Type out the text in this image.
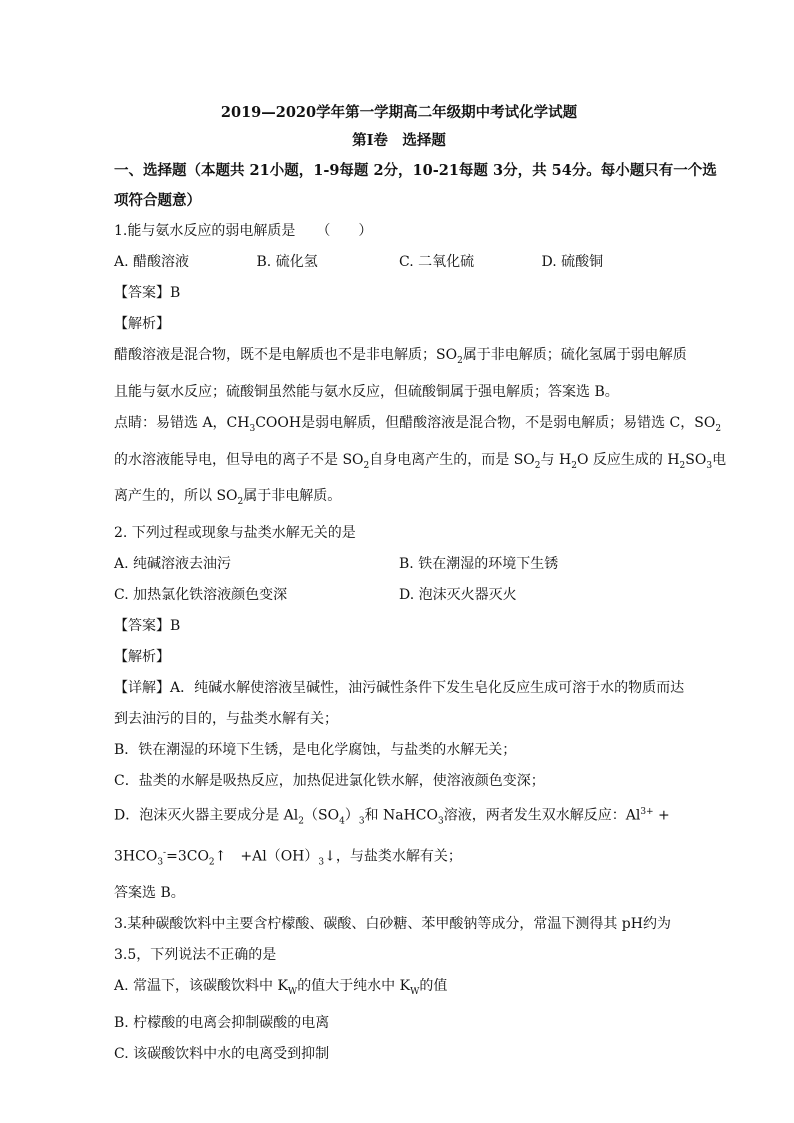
2019—2020学年第一学期高二年级期中考试化学试题
第Ⅰ卷　选择题
一、选择题（本题共 21小题，1-9每题 2分，10-21每题 3分，共 54分。每小题只有一个选
项符合题意）
1.能与氨水反应的弱电解质是　　（　　）
A. 醋酸溶液	B. 硫化氢	C. 二氧化硫	D. 硫酸铜
【答案】B
【解析】
醋酸溶液是混合物，既不是电解质也不是非电解质；$SO_2$属于非电解质；硫化氢属于弱电解质
且能与氨水反应；硫酸铜虽然能与氨水反应，但硫酸铜属于强电解质；答案选 B。
点睛：易错选 A，$CH_3COOH$是弱电解质，但醋酸溶液是混合物，不是弱电解质；易错选 C，$SO_2$
的水溶液能导电，但导电的离子不是 $SO_2$自身电离产生的，而是 $SO_2$与 $H_2O$ 反应生成的 $H_2SO_3$电
离产生的，所以 $SO_2$属于非电解质。
2. 下列过程或现象与盐类水解无关的是
A. 纯碱溶液去油污	B. 铁在潮湿的环境下生锈
C. 加热氯化铁溶液颜色变深	D. 泡沫灭火器灭火
【答案】B
【解析】
【详解】A．纯碱水解使溶液呈碱性，油污碱性条件下发生皂化反应生成可溶于水的物质而达
到去油污的目的，与盐类水解有关；
B．铁在潮湿的环境下生锈，是电化学腐蚀，与盐类的水解无关；
C．盐类的水解是吸热反应，加热促进氯化铁水解，使溶液颜色变深；
D．泡沫灭火器主要成分是 $Al_2(SO_4)_3$和 NaHCO$_3$溶液，两者发生双水解反应：$Al^{3+}$ +
$3HCO_3^-=3CO_2↑$　$+Al(OH)_3↓$，与盐类水解有关；
答案选 B。
3.某种碳酸饮料中主要含柠檬酸、碳酸、白砂糖、苯甲酸钠等成分，常温下测得其 pH约为
3.5，下列说法不正确的是
A. 常温下，该碳酸饮料中 $K_W$的值大于纯水中 $K_W$的值
B. 柠檬酸的电离会抑制碳酸的电离
C. 该碳酸饮料中水的电离受到抑制
